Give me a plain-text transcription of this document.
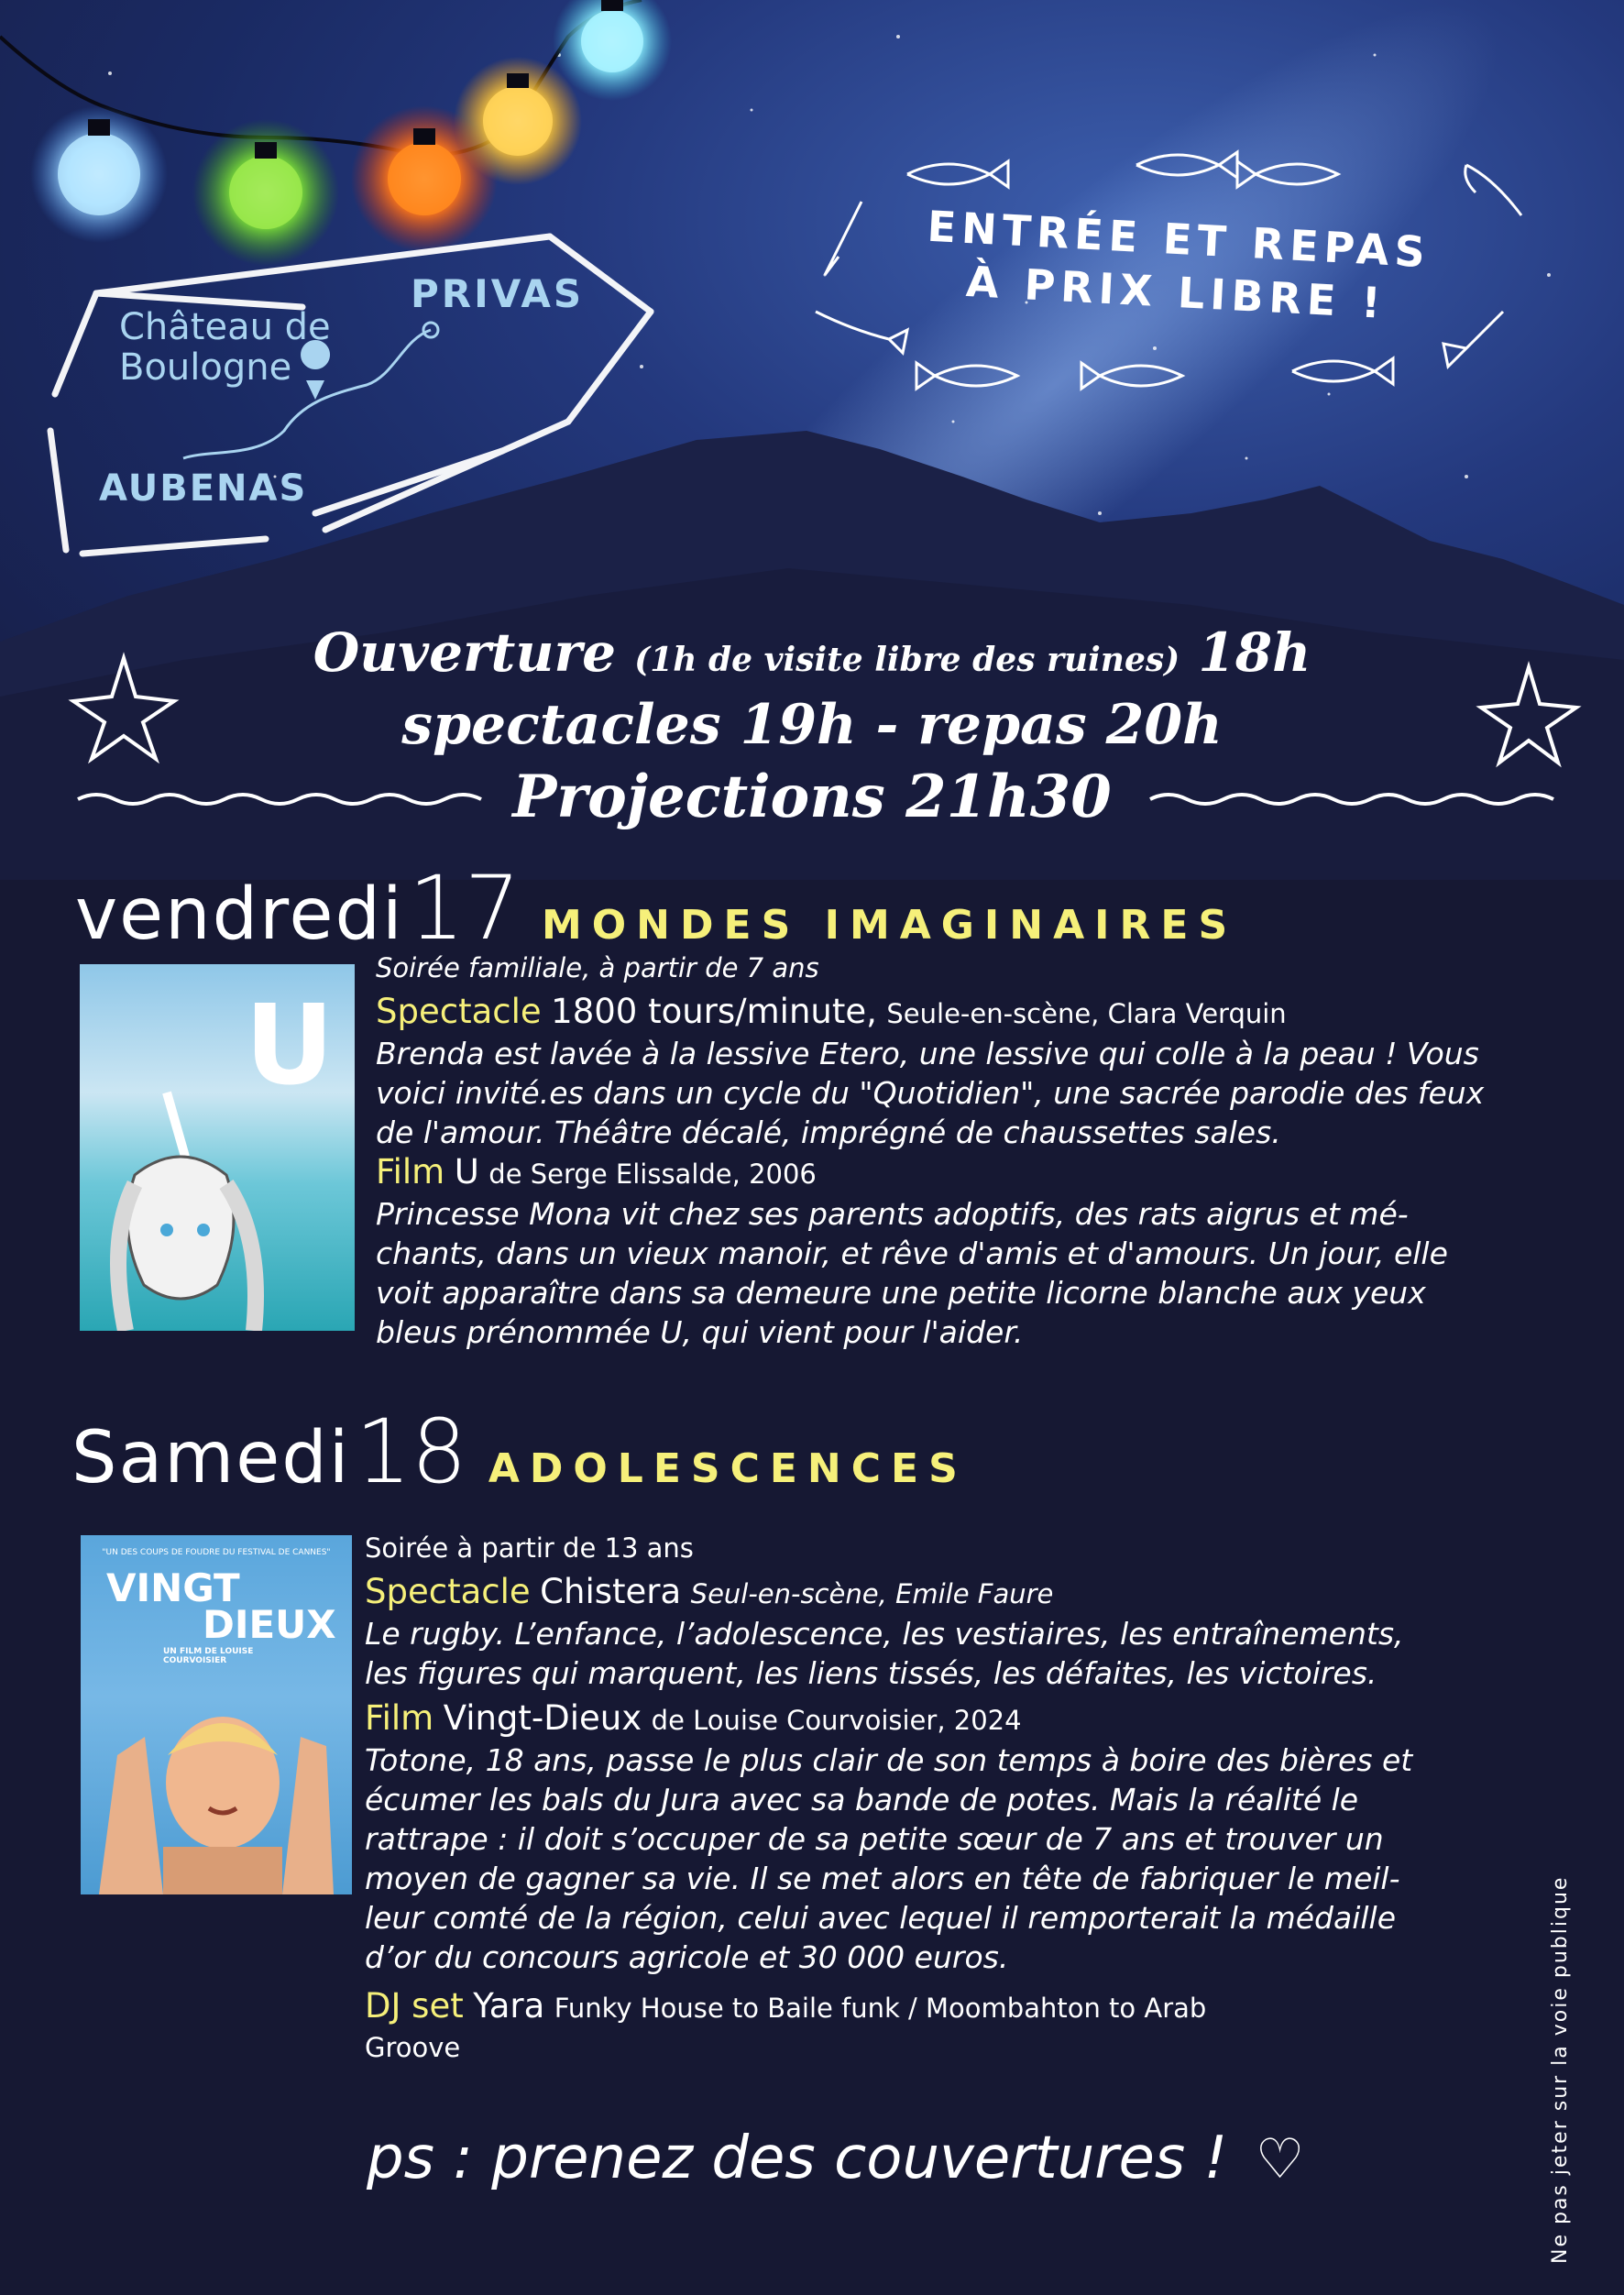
Château de
Boulogne
PRIVAS
AUBENAS
ENTRÉE ET REPAS
À PRIX LIBRE !
Ouverture (1h de visite libre des ruines) 18h
spectacles 19h - repas 20h
Projections 21h30
vendredi 17 MONDES IMAGINAIRES
U
Soirée familiale, à partir de 7 ans
Spectacle 1800 tours/minute, Seule-en-scène, Clara Verquin
Brenda est lavée à la lessive Etero, une lessive qui colle à la peau ! Vous
voici invité.es dans un cycle du "Quotidien", une sacrée parodie des feux
de l'amour. Théâtre décalé, imprégné de chaussettes sales.
Film U de Serge Elissalde, 2006
Princesse Mona vit chez ses parents adoptifs, des rats aigrus et mé-
chants, dans un vieux manoir, et rêve d'amis et d'amours. Un jour, elle
voit apparaître dans sa demeure une petite licorne blanche aux yeux
bleus prénommée U, qui vient pour l'aider.
Samedi 18 ADOLESCENCES
"UN DES COUPS DE FOUDRE DU FESTIVAL DE CANNES"
VINGT
DIEUX
UN FILM DE LOUISE COURVOISIER
Soirée à partir de 13 ans
Spectacle Chistera Seul-en-scène, Emile Faure
Le rugby. L’enfance, l’adolescence, les vestiaires, les entraînements,
les figures qui marquent, les liens tissés, les défaites, les victoires.
Film Vingt-Dieux de Louise Courvoisier, 2024
Totone, 18 ans, passe le plus clair de son temps à boire des bières et
écumer les bals du Jura avec sa bande de potes. Mais la réalité le
rattrape : il doit s’occuper de sa petite sœur de 7 ans et trouver un
moyen de gagner sa vie. Il se met alors en tête de fabriquer le meil-
leur comté de la région, celui avec lequel il remporterait la médaille
d’or du concours agricole et 30 000 euros.
DJ set Yara Funky House to Baile funk / Moombahton to Arab
Groove
ps : prenez des couvertures ! ♡	Ne pas jeter sur la voie publique
